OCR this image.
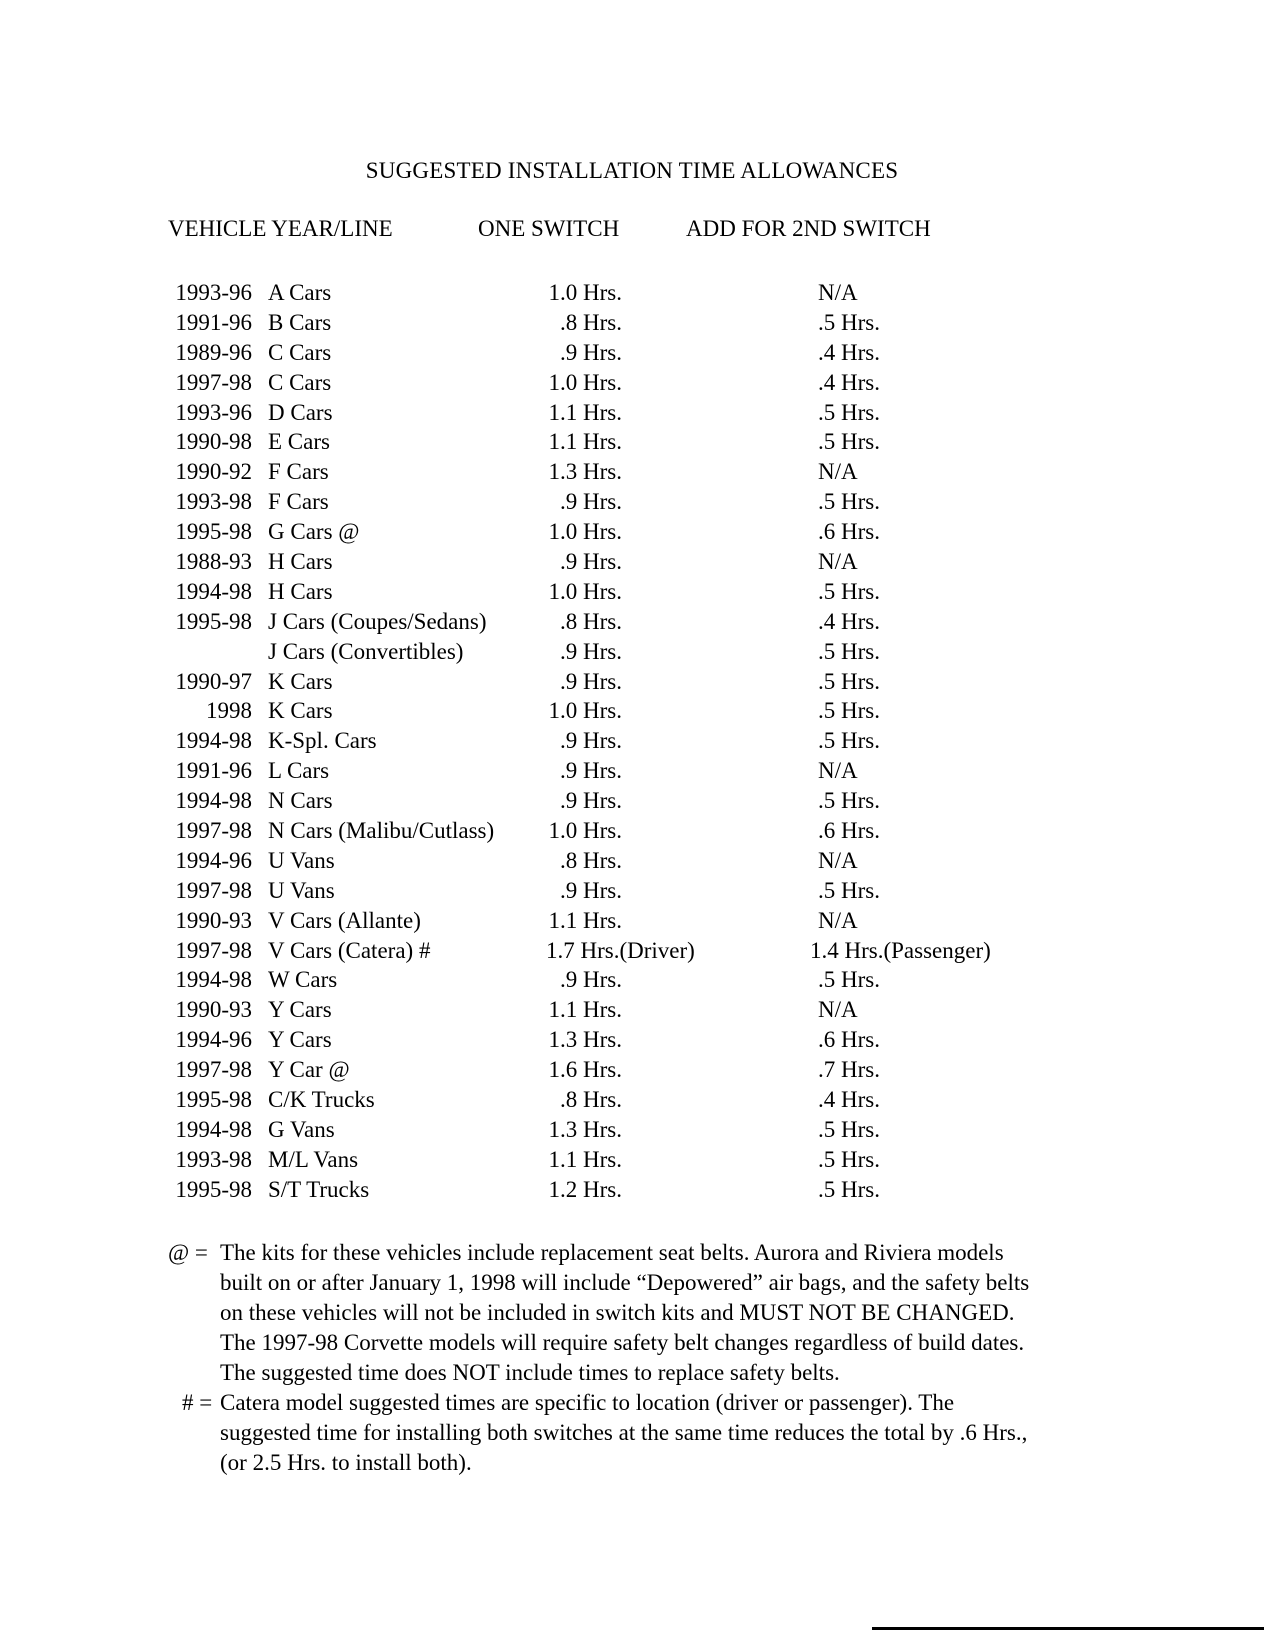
SUGGESTED INSTALLATION TIME ALLOWANCES
VEHICLE YEAR/LINE	ONE SWITCH	ADD FOR 2ND SWITCH
1993-96 A Cars	1.0 Hrs.	N/A
1991-96 B Cars	.8 Hrs.	.5 Hrs.
1989-96 C Cars	.9 Hrs.	.4 Hrs.
1997-98 C Cars	1.0 Hrs.	.4 Hrs.
1993-96 D Cars	1.1 Hrs.	.5 Hrs.
1990-98 E Cars	1.1 Hrs.	.5 Hrs.
1990-92 F Cars	1.3 Hrs.	N/A
1993-98 F Cars	.9 Hrs.	.5 Hrs.
1995-98 G Cars @	1.0 Hrs.	.6 Hrs.
1988-93 H Cars	.9 Hrs.	N/A
1994-98 H Cars	1.0 Hrs.	.5 Hrs.
1995-98 J Cars (Coupes/Sedans)	.8 Hrs.	.4 Hrs.
J Cars (Convertibles)	.9 Hrs.	.5 Hrs.
1990-97 K Cars	.9 Hrs.	.5 Hrs.
1998 K Cars	1.0 Hrs.	.5 Hrs.
1994-98 K-Spl. Cars	.9 Hrs.	.5 Hrs.
1991-96 L Cars	.9 Hrs.	N/A
1994-98 N Cars	.9 Hrs.	.5 Hrs.
1997-98 N Cars (Malibu/Cutlass)	1.0 Hrs.	.6 Hrs.
1994-96 U Vans	.8 Hrs.	N/A
1997-98 U Vans	.9 Hrs.	.5 Hrs.
1990-93 V Cars (Allante)	1.1 Hrs.	N/A
1997-98 V Cars (Catera) #	1.7 Hrs.(Driver)	1.4 Hrs.(Passenger)
1994-98 W Cars	.9 Hrs.	.5 Hrs.
1990-93 Y Cars	1.1 Hrs.	N/A
1994-96 Y Cars	1.3 Hrs.	.6 Hrs.
1997-98 Y Car @	1.6 Hrs.	.7 Hrs.
1995-98 C/K Trucks	.8 Hrs.	.4 Hrs.
1994-98 G Vans	1.3 Hrs.	.5 Hrs.
1993-98 M/L Vans	1.1 Hrs.	.5 Hrs.
1995-98 S/T Trucks	1.2 Hrs.	.5 Hrs.
@ = The kits for these vehicles include replacement seat belts. Aurora and Riviera models built on or after January 1, 1998 will include “Depowered” air bags, and the safety belts on these vehicles will not be included in switch kits and MUST NOT BE CHANGED. The 1997-98 Corvette models will require safety belt changes regardless of build dates.

The suggested time does NOT include times to replace safety belts.

# = Catera model suggested times are specific to location (driver or passenger). The suggested time for installing both switches at the same time reduces the total by .6 Hrs., (or 2.5 Hrs. to install both).
